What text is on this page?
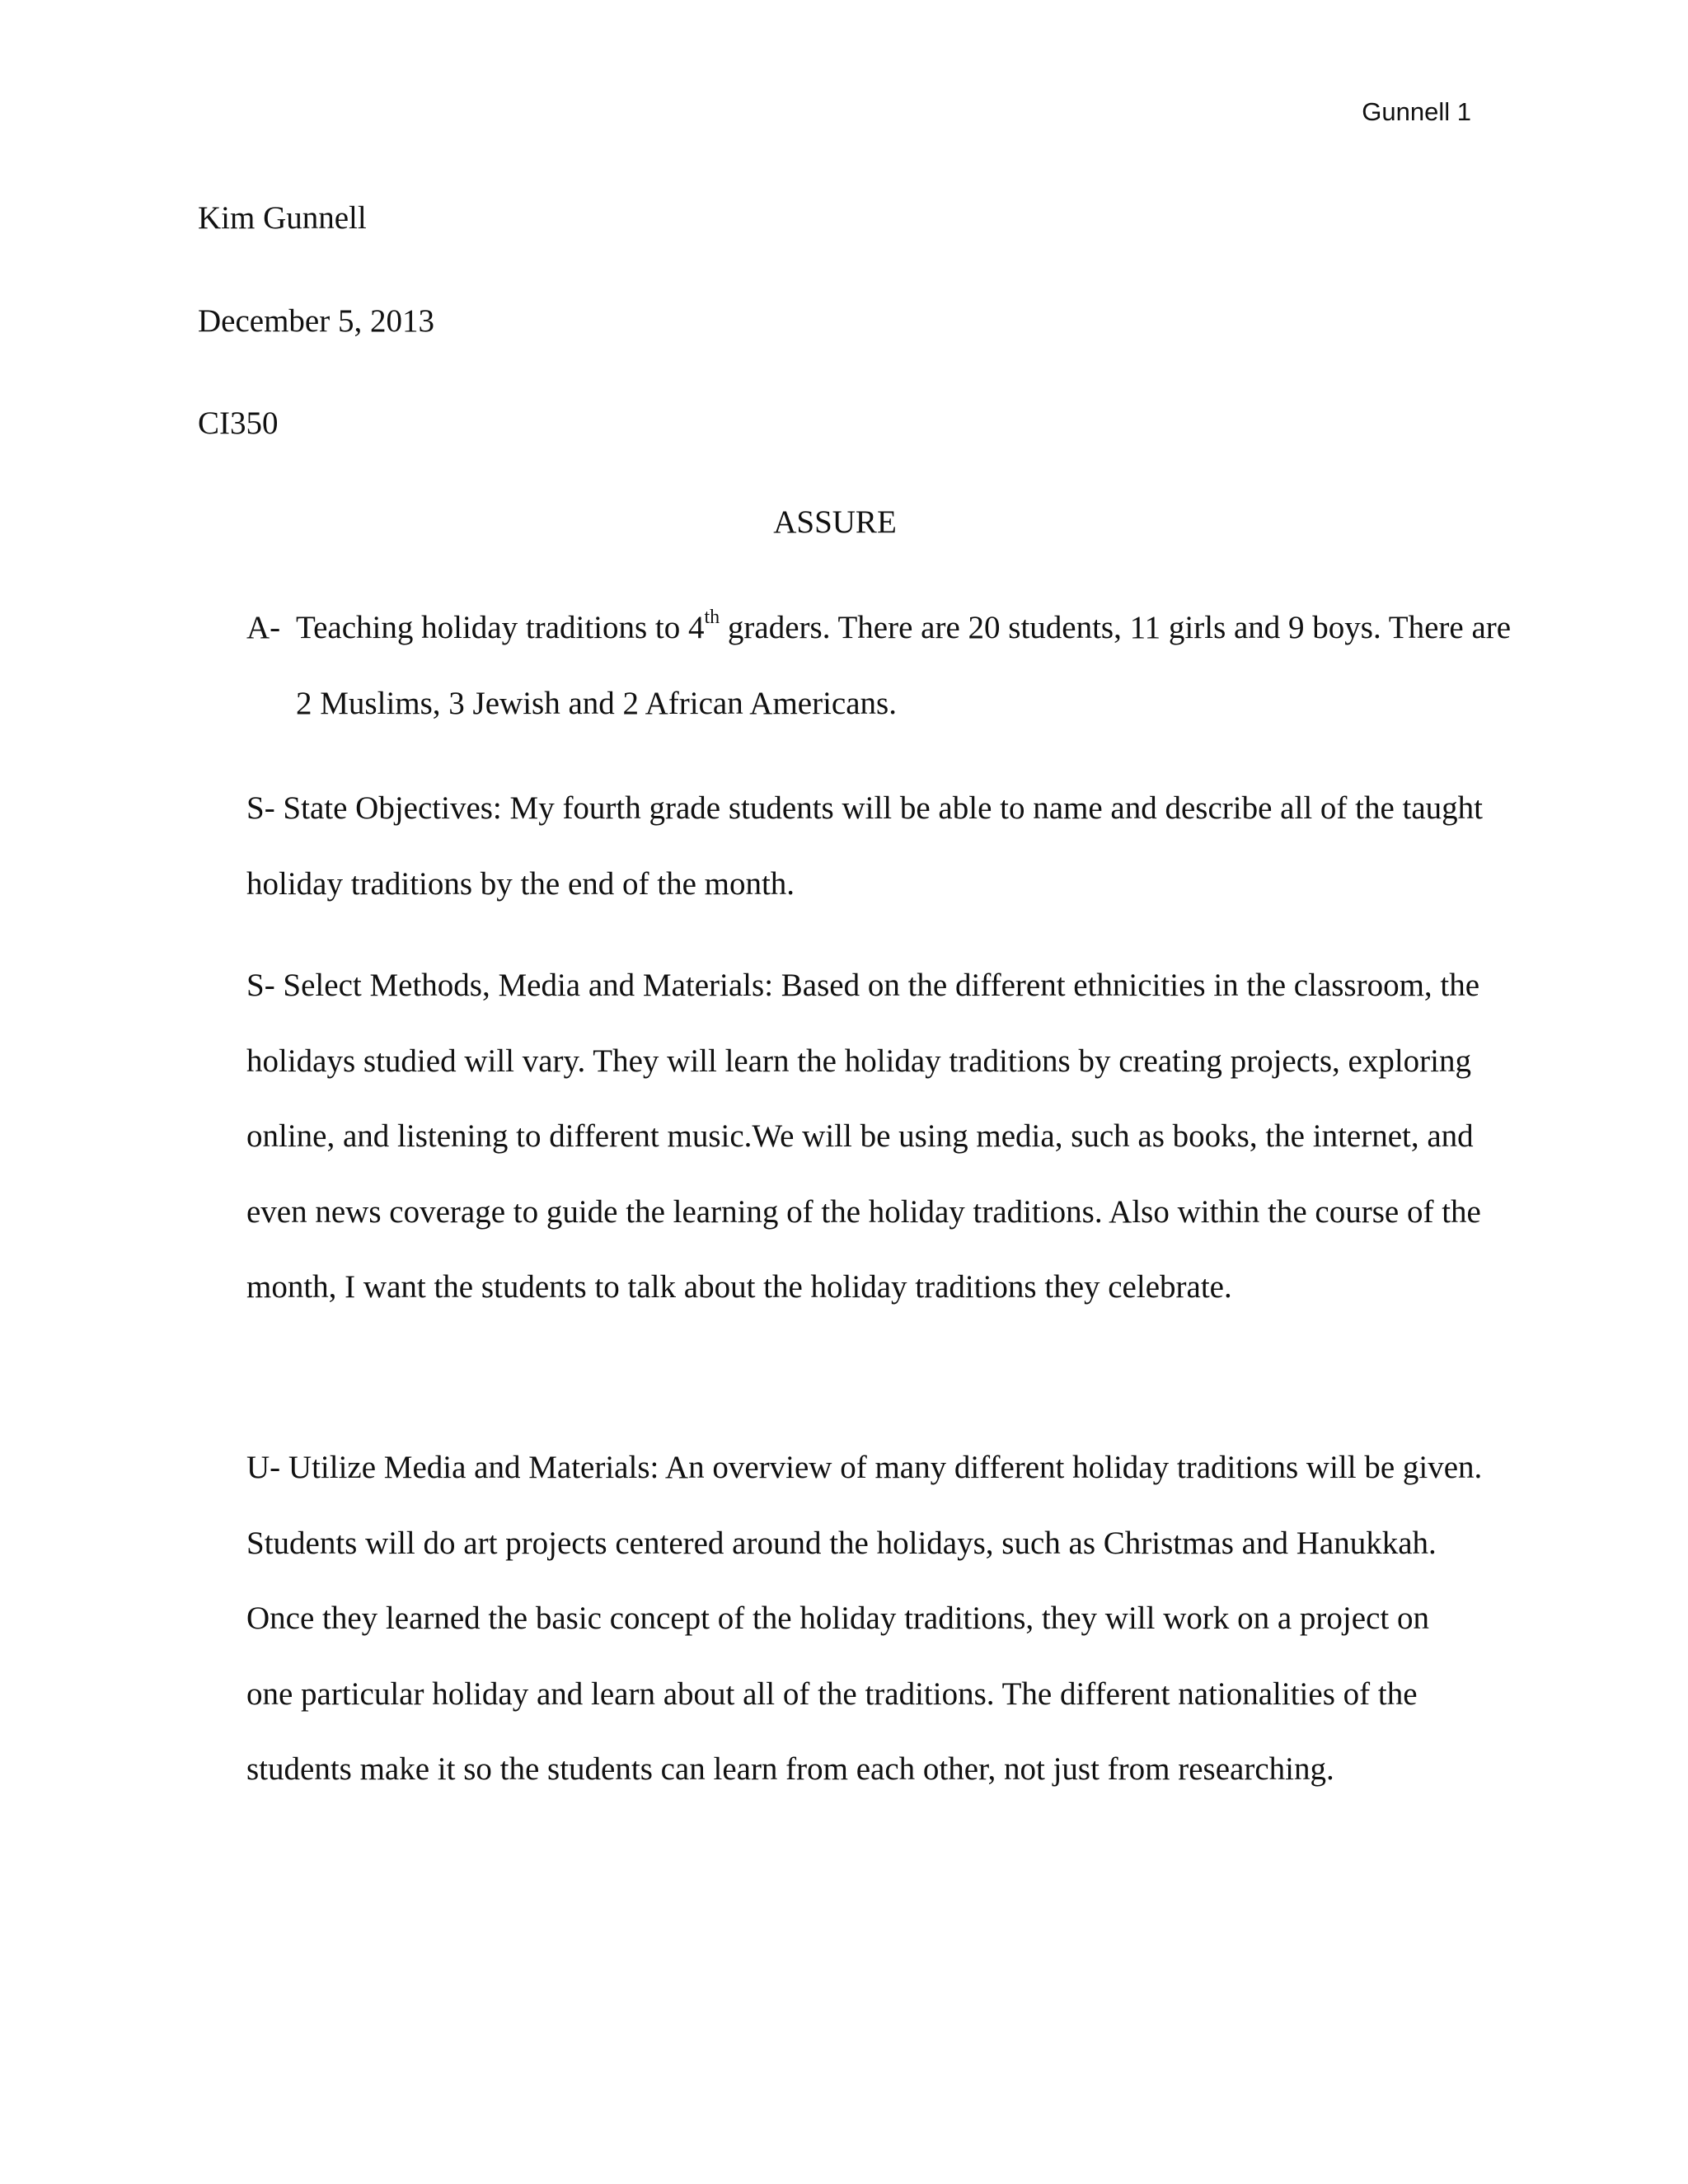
Gunnell 1
Kim Gunnell
December 5, 2013
CI350
ASSURE

A- Teaching holiday traditions to 4th graders. There are 20 students, 11 girls and 9 boys. There are 2 Muslims, 3 Jewish and 2 African Americans.

S- State Objectives: My fourth grade students will be able to name and describe all of the taught holiday traditions by the end of the month.

S- Select Methods, Media and Materials: Based on the different ethnicities in the classroom, the holidays studied will vary. They will learn the holiday traditions by creating projects, exploring online, and listening to different music.We will be using media, such as books, the internet, and even news coverage to guide the learning of the holiday traditions. Also within the course of the month, I want the students to talk about the holiday traditions they celebrate.

U- Utilize Media and Materials: An overview of many different holiday traditions will be given. Students will do art projects centered around the holidays, such as Christmas and Hanukkah. Once they learned the basic concept of the holiday traditions, they will work on a project on one particular holiday and learn about all of the traditions. The different nationalities of the students make it so the students can learn from each other, not just from researching.
